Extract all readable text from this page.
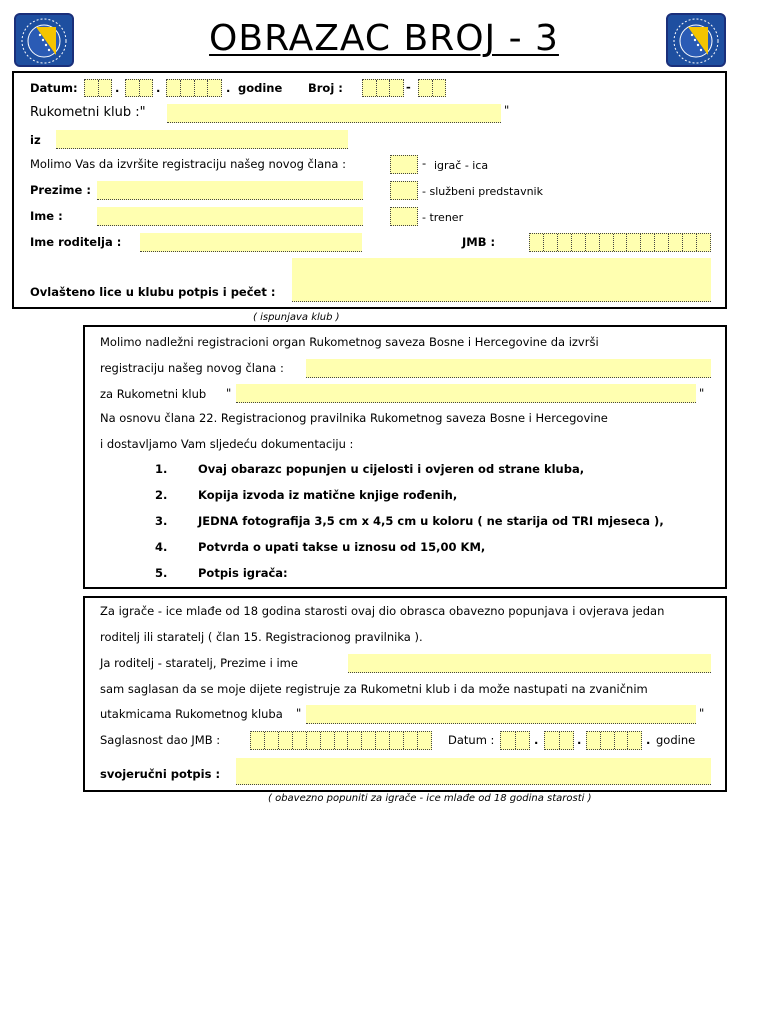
OBRAZAC BROJ - 3
Datum:	.	.	. godine Broj :	-
Rukometni klub :"	"
iz
Molimo Vas da izvršite registraciju našeg novog člana :	- igrač - ica
Prezime :	- službeni predstavnik
Ime :	- trener
Ime roditelja :	JMB :
Ovlašteno lice u klubu potpis i pečet :
( ispunjava klub )
Molimo nadležni registracioni organ Rukometnog saveza Bosne i Hercegovine da izvrši
registraciju našeg novog člana :
za Rukometni klub "	"
Na osnovu člana 22. Registracionog pravilnika Rukometnog saveza Bosne i Hercegovine
i dostavljamo Vam sljedeću dokumentaciju :
1.	Ovaj obarazc popunjen u cijelosti i ovjeren od strane kluba,
2.	Kopija izvoda iz matične knjige rođenih,
3.	JEDNA fotografija 3,5 cm x 4,5 cm u koloru ( ne starija od TRI mjeseca ),
4.	Potvrda o upati takse u iznosu od 15,00 KM,
5.	Potpis igrača:
Za igrače - ice mlađe od 18 godina starosti ovaj dio obrasca obavezno popunjava i ovjerava jedan
roditelj ili staratelj ( član 15. Registracionog pravilnika ).
Ja roditelj - staratelj, Prezime i ime
sam saglasan da se moje dijete registruje za Rukometni klub i da može nastupati na zvaničnim
utakmicama Rukometnog kluba "	"
Saglasnost dao JMB :	Datum :	.	.	. godine
svojeručni potpis :
( obavezno popuniti za igrače - ice mlađe od 18 godina starosti )
